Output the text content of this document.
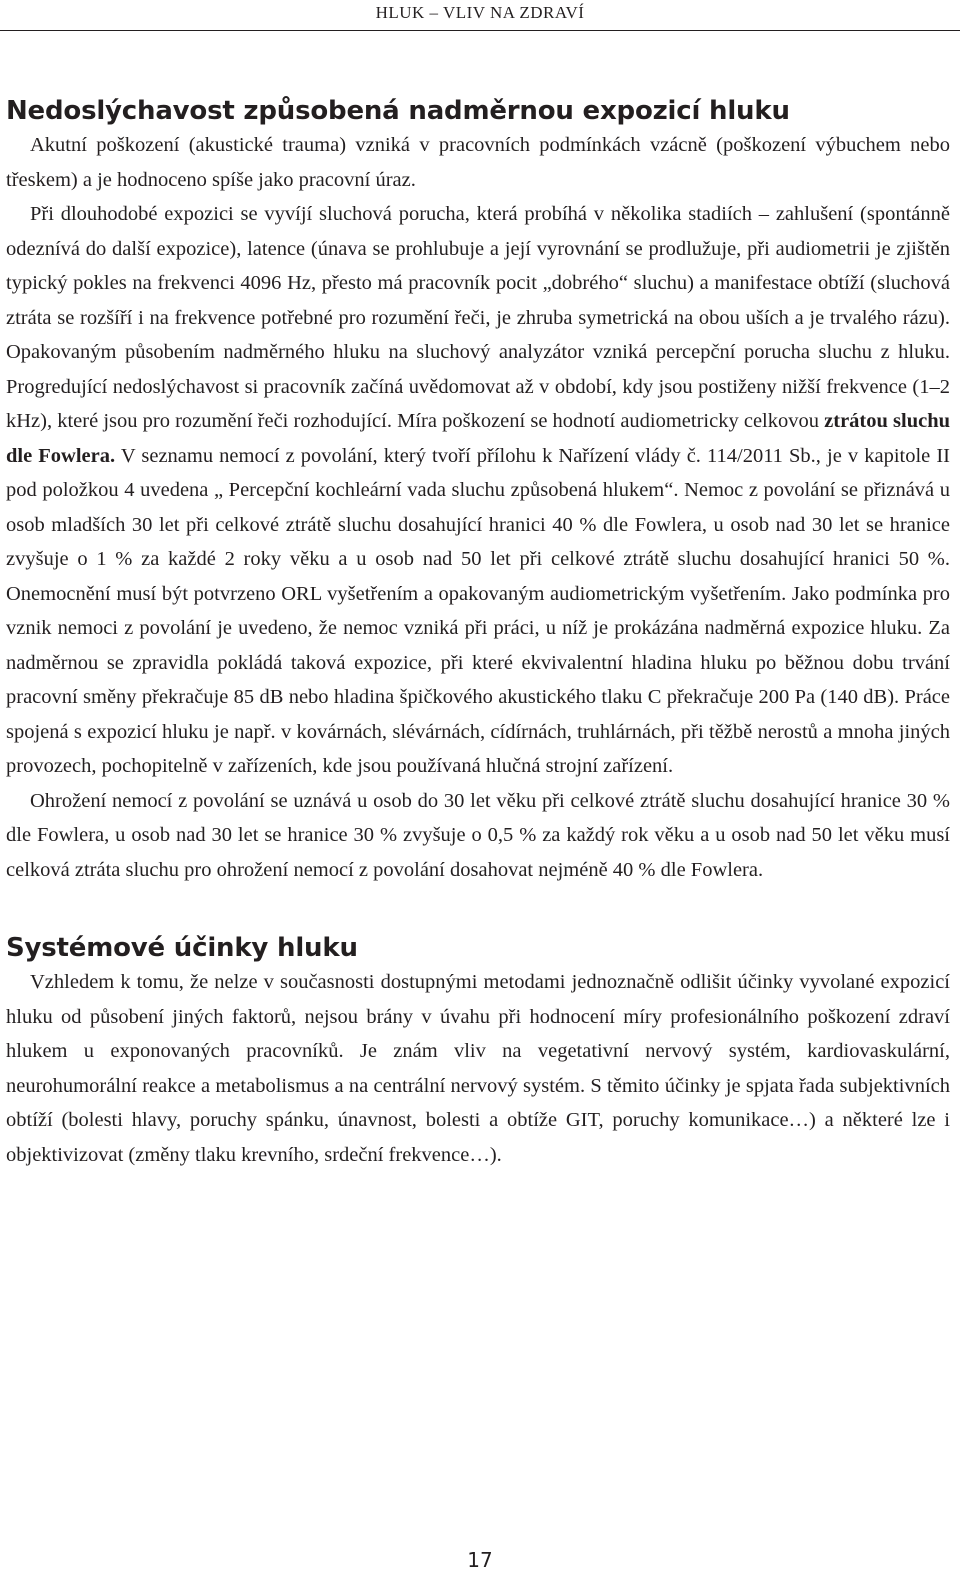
HLUK – VLIV NA ZDRAVÍ
Nedoslýchavost způsobená nadměrnou expozicí hluku

Akutní poškození (akustické trauma) vzniká v pracovních podmínkách vzácně (poškození výbuchem nebo třeskem) a je hodnoceno spíše jako pracovní úraz.

Při dlouhodobé expozici se vyvíjí sluchová porucha, která probíhá v několika stadiích – zahlušení (spontánně odeznívá do další expozice), latence (únava se prohlubuje a její vyrovnání se prodlužuje, při audiometrii je zjištěn typický pokles na frekvenci 4096 Hz, přesto má pracovník pocit „dobrého“ sluchu) a manifestace obtíží (sluchová ztráta se rozšíří i na frekvence potřebné pro rozumění řeči, je zhruba symetrická na obou uších a je trvalého rázu). Opakovaným působením nadměrného hluku na sluchový analyzátor vzniká percepční porucha sluchu z hluku. Progredující nedoslýchavost si pracovník začíná uvědomovat až v období, kdy jsou postiženy nižší frekvence (1–2 kHz), které jsou pro rozumění řeči rozhodující. Míra poškození se hodnotí audiometricky celkovou ztrátou sluchu dle Fowlera. V seznamu nemocí z povolání, který tvoří přílohu k Nařízení vlády č. 114/2011 Sb., je v kapitole II pod položkou 4 uvedena „ Percepční kochleární vada sluchu způsobená hlukem“. Nemoc z povolání se přiznává u osob mladších 30 let při celkové ztrátě sluchu dosahující hranici 40 % dle Fowlera, u osob nad 30 let se hranice zvyšuje o 1 % za každé 2 roky věku a u osob nad 50 let při celkové ztrátě sluchu dosahující hranici 50 %. Onemocnění musí být potvrzeno ORL vyšetřením a opakovaným audiometrickým vyšetřením. Jako podmínka pro vznik nemoci z povolání je uvedeno, že nemoc vzniká při práci, u níž je prokázána nadměrná expozice hluku. Za nadměrnou se zpravidla pokládá taková expozice, při které ekvivalentní hladina hluku po běžnou dobu trvání pracovní směny překračuje 85 dB nebo hladina špičkového akustického tlaku C překračuje 200 Pa (140 dB). Práce spojená s expozicí hluku je např. v kovárnách, slévárnách, cídírnách, truhlárnách, při těžbě nerostů a mnoha jiných provozech, pochopitelně v zařízeních, kde jsou používaná hlučná strojní zařízení.

Ohrožení nemocí z povolání se uznává u osob do 30 let věku při celkové ztrátě sluchu dosahující hranice 30 % dle Fowlera, u osob nad 30 let se hranice 30 % zvyšuje o 0,5 % za každý rok věku a u osob nad 50 let věku musí celková ztráta sluchu pro ohrožení nemocí z povolání dosahovat nejméně 40 % dle Fowlera.

Systémové účinky hluku

Vzhledem k tomu, že nelze v současnosti dostupnými metodami jednoznačně odlišit účinky vyvolané expozicí hluku od působení jiných faktorů, nejsou brány v úvahu při hodnocení míry profesionálního poškození zdraví hlukem u exponovaných pracovníků. Je znám vliv na vegetativní nervový systém, kardiovaskulární, neurohumorální reakce a metabolismus a na centrální nervový systém. S těmito účinky je spjata řada subjektivních obtíží (bolesti hlavy, poruchy spánku, únavnost, bolesti a obtíže GIT, poruchy komunikace…) a některé lze i objektivizovat (změny tlaku krevního, srdeční frekvence…).

17
